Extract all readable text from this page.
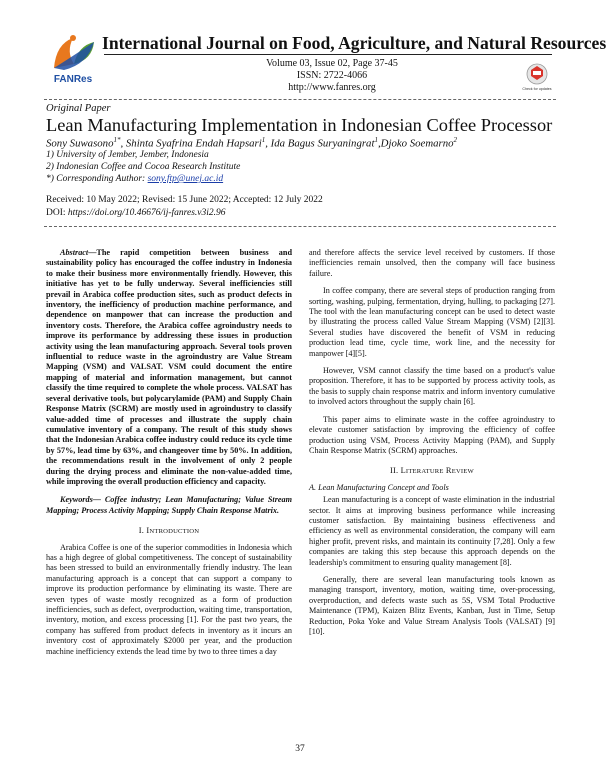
FANRes
International Journal on Food, Agriculture, and Natural Resources
Volume 03, Issue 02, Page 37-45
ISSN: 2722-4066
http://www.fanres.org	Check for updates
Original Paper
Lean Manufacturing Implementation in Indonesian Coffee Processor
Sony Suwasono$^{1*}$, Shinta Syafrina Endah Hapsari$^1$, Ida Bagus Suryaningrat$^1$,Djoko Soemarno$^2$
1) University of Jember, Jember, Indonesia
2) Indonesian Coffee and Cocoa Research Institute
*) Corresponding Author: sony.ftp@unej.ac.id
Received: 10 May 2022; Revised: 15 June 2022; Accepted: 12 July 2022
DOI: https://doi.org/10.46676/ij-fanres.v3i2.96

Abstract—The rapid competition between business and sustainability policy has encouraged the coffee industry in Indonesia to make their business more environmentally friendly. However, this initiative has yet to be fully underway. Several inefficiencies still prevail in Arabica coffee production sites, such as product defects in inventory, the inefficiency of production machine performance, and dependence on manpower that can increase the production and inventory costs. Therefore, the Arabica coffee agroindustry needs to improve its performance by addressing these issues in production activity using the lean manufacturing approach. Several tools proven influential to reduce waste in the agroindustry are Value Stream Mapping (VSM) and VALSAT. VSM could document the entire mapping of material and information management, but cannot classify the time required to complete the whole process. VALSAT has several derivative tools, but polycarylamide (PAM) and Supply Chain Response Matrix (SCRM) are mostly used in agroindustry to classify value-added time of processes and illustrate the supply chain cumulative inventory of a company. The result of this study shows that the Indonesian Arabica coffee industry could reduce its cycle time by 57%, lead time by 63%, and changeover time by 50%. In addition, the recommendations result in the involvement of only 2 people during the drying process and eliminate the non-value-added time, while improving the overall production efficiency and capacity.

Keywords— Coffee industry; Lean Manufacturing; Value Stream Mapping; Process Activity Mapping; Supply Chain Response Matrix.

I. INTRODUCTION

Arabica Coffee is one of the superior commodities in Indonesia which has a high degree of global competitiveness. The concept of sustainability has been stressed to build an environmentally friendly industry. The lean manufacturing approach is a concept that can support a company to improve its production performance by eliminating its waste. There are seven types of waste mostly recognized as a form of production inefficiencies, such as defect, overproduction, waiting time, transportation, inventory, motion, and excess processing [1]. For the past two years, the company has suffered from product defects in inventory as it incurs an inventory cost of approximately $2000 per year, and the production machine inefficiency extends the lead time by two to three times a day

and therefore affects the service level received by customers. If those inefficiencies remain unsolved, then the company will face business failure.

In coffee company, there are several steps of production ranging from sorting, washing, pulping, fermentation, drying, hulling, to packaging [27]. The tool with the lean manufacturing concept can be used to detect waste by illustrating the process called Value Stream Mapping (VSM) [2][3]. Several studies have discovered the benefit of VSM in reducing production lead time, cycle time, work line, and the necessity for manpower [4][5].

However, VSM cannot classify the time based on a product's value proposition. Therefore, it has to be supported by process activity tools, as the basis to supply chain response matrix and inform inventory cumulative to involved actors throughout the supply chain [6].

This paper aims to eliminate waste in the coffee agroindustry to elevate customer satisfaction by improving the efficiency of coffee production using VSM, Process Activity Mapping (PAM), and Supply Chain Response Matrix (SCRM) approaches.

II. LITERATURE REVIEW

A. Lean Manufacturing Concept and Tools

Lean manufacturing is a concept of waste elimination in the industrial sector. It aims at improving business performance while increasing customer satisfaction. By maintaining business effectiveness and efficiency as well as environmental consideration, the company will earn higher profit, prevent risks, and maintain its continuity [7,28]. Only a few companies are taking this step because this approach depends on the leadership's commitment to ensuring quality management [8].

Generally, there are several lean manufacturing tools known as managing transport, inventory, motion, waiting time, over-processing, overproduction, and defects waste such as 5S, VSM Total Productive Maintenance (TPM), Kaizen Blitz Events, Kanban, Just in Time, Setup Reduction, Poka Yoke and Value Stream Analysis Tools (VALSAT) [9] [10].

37
